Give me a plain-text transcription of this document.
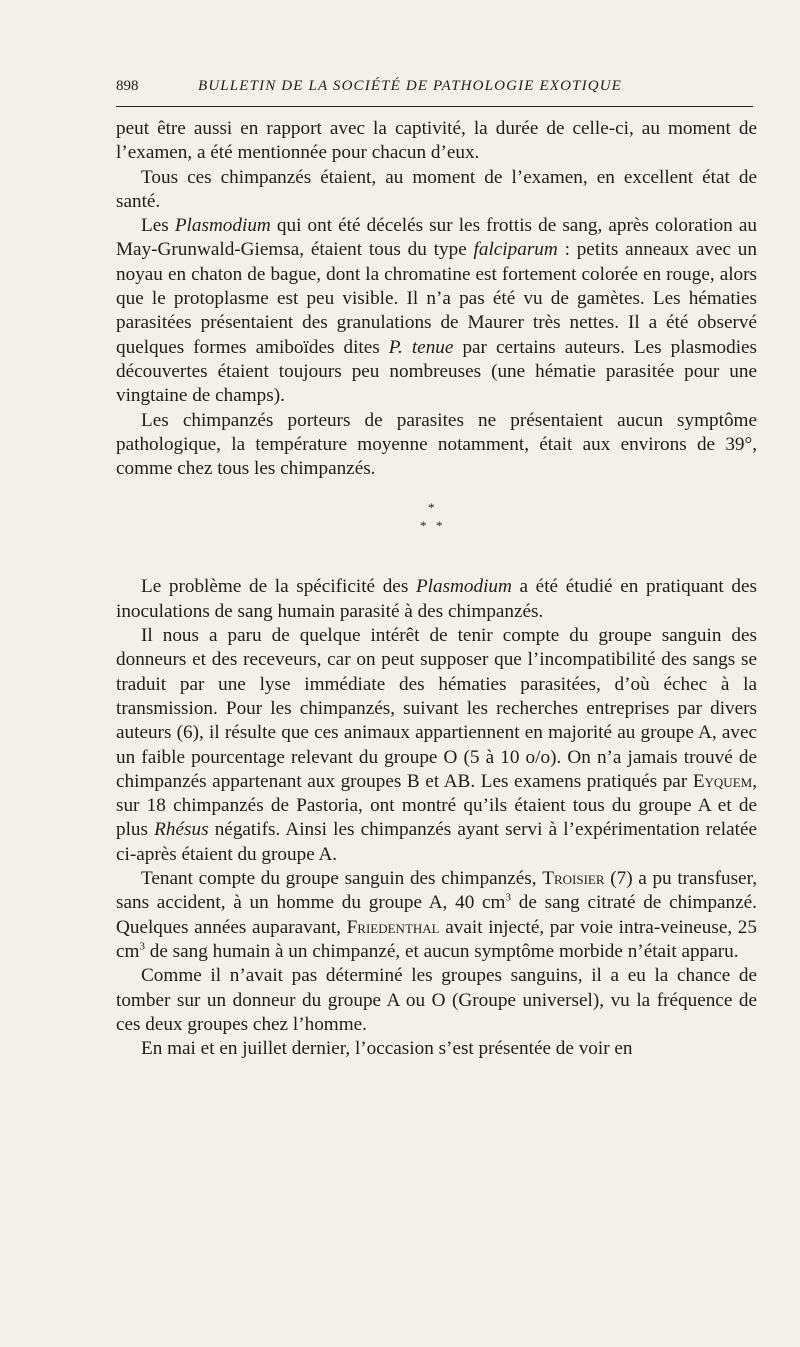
898	BULLETIN DE LA SOCIÉTÉ DE PATHOLOGIE EXOTIQUE

peut être aussi en rapport avec la captivité, la durée de celle-ci, au moment de l’examen, a été mentionnée pour chacun d’eux.

Tous ces chimpanzés étaient, au moment de l’examen, en excellent état de santé.

Les Plasmodium qui ont été décelés sur les frottis de sang, après coloration au May-Grunwald-Giemsa, étaient tous du type falciparum : petits anneaux avec un noyau en chaton de bague, dont la chromatine est fortement colorée en rouge, alors que le protoplasme est peu visible. Il n’a pas été vu de gamètes. Les hématies parasitées présentaient des granulations de Maurer très nettes. Il a été observé quelques formes amiboïdes dites P. tenue par certains auteurs. Les plasmodies découvertes étaient toujours peu nombreuses (une hématie parasitée pour une vingtaine de champs).

Les chimpanzés porteurs de parasites ne présentaient aucun symptôme pathologique, la température moyenne notamment, était aux environs de 39°, comme chez tous les chimpanzés.

*
* *

Le problème de la spécificité des Plasmodium a été étudié en pratiquant des inoculations de sang humain parasité à des chimpanzés.

Il nous a paru de quelque intérêt de tenir compte du groupe sanguin des donneurs et des receveurs, car on peut supposer que l’incompatibilité des sangs se traduit par une lyse immédiate des hématies parasitées, d’où échec à la transmission. Pour les chimpanzés, suivant les recherches entreprises par divers auteurs (6), il résulte que ces animaux appartiennent en majorité au groupe A, avec un faible pourcentage relevant du groupe O (5 à 10 o/o). On n’a jamais trouvé de chimpanzés appartenant aux groupes B et AB. Les examens pratiqués par Eyquem, sur 18 chimpanzés de Pastoria, ont montré qu’ils étaient tous du groupe A et de plus Rhésus négatifs. Ainsi les chimpanzés ayant servi à l’expérimentation relatée ci-après étaient du groupe A.

Tenant compte du groupe sanguin des chimpanzés, Troisier (7) a pu transfuser, sans accident, à un homme du groupe A, 40 $cm^3$ de sang citraté de chimpanzé. Quelques années auparavant, Friedenthal avait injecté, par voie intra-veineuse, 25 $cm^3$ de sang humain à un chimpanzé, et aucun symptôme morbide n’était apparu.

Comme il n’avait pas déterminé les groupes sanguins, il a eu la chance de tomber sur un donneur du groupe A ou O (Groupe universel), vu la fréquence de ces deux groupes chez l’homme.

En mai et en juillet dernier, l’occasion s’est présentée de voir en
